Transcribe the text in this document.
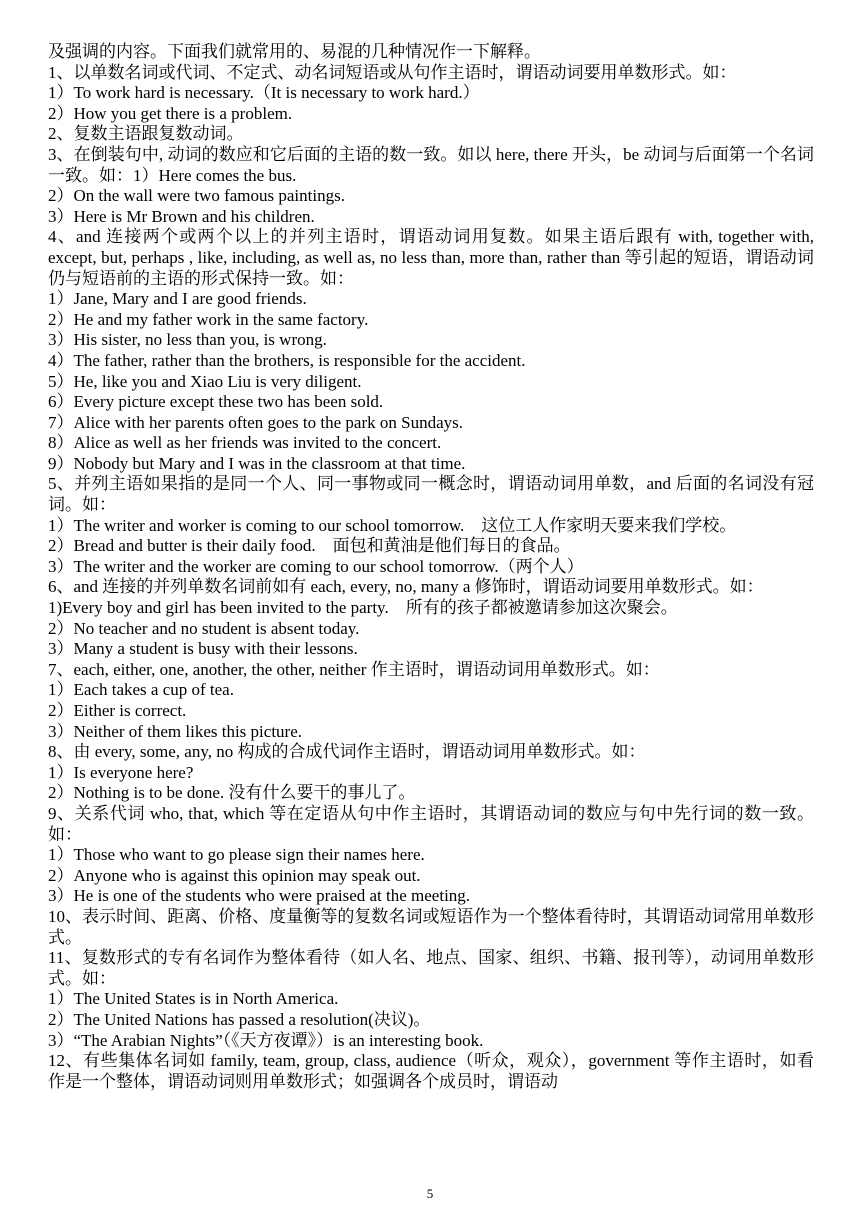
及强调的内容。下面我们就常用的、易混的几种情况作一下解释。
1、以单数名词或代词、不定式、动名词短语或从句作主语时，谓语动词要用单数形式。如：
1）To work hard is necessary.（It is necessary to work hard.）
2）How you get there is a problem.
2、复数主语跟复数动词。
3、在倒装句中, 动词的数应和它后面的主语的数一致。如以 here, there 开头，be 动词与后面第一个名词一致。如：1）Here comes the bus.
2）On the wall were two famous paintings.
3）Here is Mr Brown and his children.
4、and 连接两个或两个以上的并列主语时，谓语动词用复数。如果主语后跟有 with, together with, except, but, perhaps , like, including, as well as, no less than, more than, rather than 等引起的短语，谓语动词仍与短语前的主语的形式保持一致。如：
1）Jane, Mary and I are good friends.
2）He and my father work in the same factory.
3）His sister, no less than you, is wrong.
4）The father, rather than the brothers, is responsible for the accident.
5）He, like you and Xiao Liu is very diligent.
6）Every picture except these two has been sold.
7）Alice with her parents often goes to the park on Sundays.
8）Alice as well as her friends was invited to the concert.
9）Nobody but Mary and I was in the classroom at that time.
5、并列主语如果指的是同一个人、同一事物或同一概念时，谓语动词用单数，and 后面的名词没有冠词。如：
1）The writer and worker is coming to our school tomorrow.　这位工人作家明天要来我们学校。
2）Bread and butter is their daily food.　面包和黄油是他们每日的食品。
3）The writer and the worker are coming to our school tomorrow.（两个人）
6、and 连接的并列单数名词前如有 each, every, no, many a 修饰时，谓语动词要用单数形式。如：
1)Every boy and girl has been invited to the party.　所有的孩子都被邀请参加这次聚会。
2）No teacher and no student is absent today.
3）Many a student is busy with their lessons.
7、each, either, one, another, the other, neither 作主语时，谓语动词用单数形式。如：
1）Each takes a cup of tea.
2）Either is correct.
3）Neither of them likes this picture.
8、由 every, some, any, no 构成的合成代词作主语时，谓语动词用单数形式。如：
1）Is everyone here?
2）Nothing is to be done. 没有什么要干的事儿了。
9、关系代词 who, that, which 等在定语从句中作主语时，其谓语动词的数应与句中先行词的数一致。如：
1）Those who want to go please sign their names here.
2）Anyone who is against this opinion may speak out.
3）He is one of the students who were praised at the meeting.
10、表示时间、距离、价格、度量衡等的复数名词或短语作为一个整体看待时，其谓语动词常用单数形式。
11、复数形式的专有名词作为整体看待（如人名、地点、国家、组织、书籍、报刊等），动词用单数形式。如：
1）The United States is in North America.
2）The United Nations has passed a resolution(决议)。
3）“The Arabian Nights”（《天方夜谭》）is an interesting book.
12、有些集体名词如 family, team, group, class, audience（听众，观众），government 等作主语时，如看作是一个整体，谓语动词则用单数形式；如强调各个成员时，谓语动
5
